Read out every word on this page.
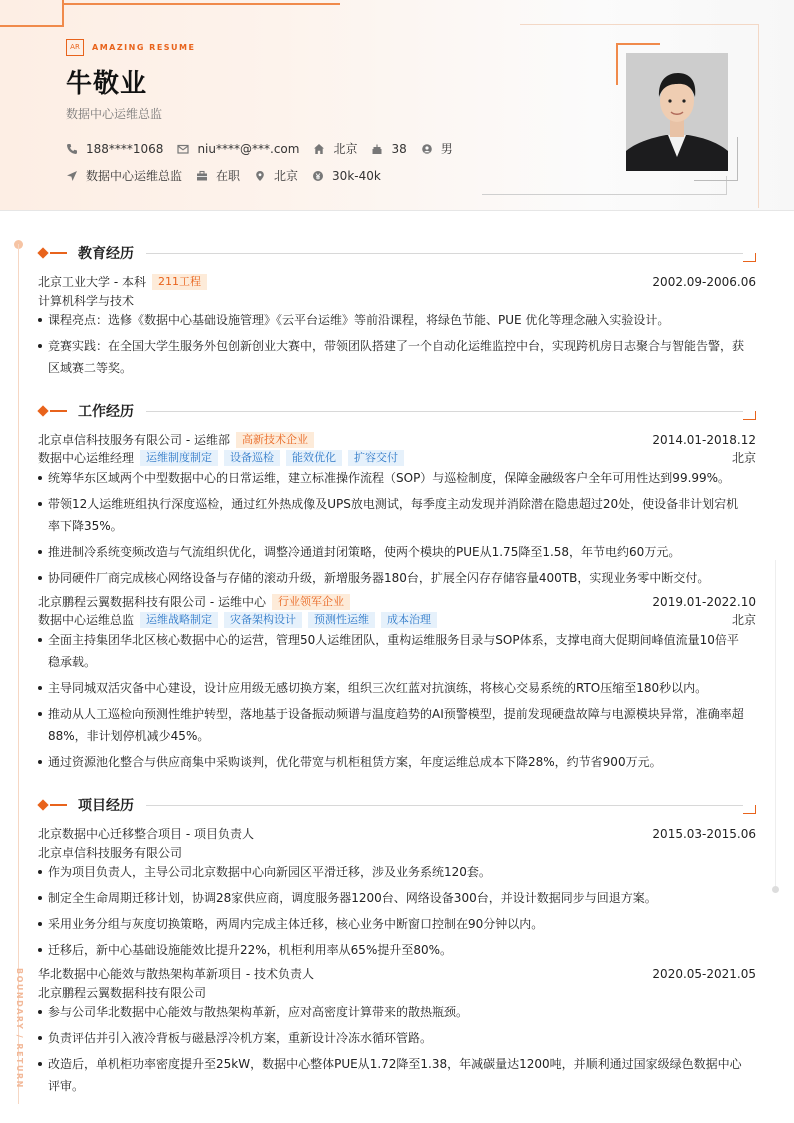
AR	AMAZING RESUME
牛敬业
数据中心运维总监
188****1068	niu****@***.com	北京	38	男
数据中心运维总监	在职	北京	30k-40k
BOUNDARY / RETURN
教育经历
北京工业大学 - 本科	211工程	2002.09-2006.06
计算机科学与技术
课程亮点：选修《数据中心基础设施管理》《云平台运维》等前沿课程，将绿色节能、PUE 优化等理念融入实验设计。
竞赛实践：在全国大学生服务外包创新创业大赛中，带领团队搭建了一个自动化运维监控中台，实现跨机房日志聚合与智能告警，获区域赛二等奖。
工作经历
北京卓信科技服务有限公司 - 运维部	高新技术企业	2014.01-2018.12
数据中心运维经理	运维制度制定	设备巡检	能效优化	扩容交付	北京
统筹华东区域两个中型数据中心的日常运维，建立标准操作流程（SOP）与巡检制度，保障金融级客户全年可用性达到99.99%。
带领12人运维班组执行深度巡检，通过红外热成像及UPS放电测试，每季度主动发现并消除潜在隐患超过20处，使设备非计划宕机率下降35%。
推进制冷系统变频改造与气流组织优化，调整冷通道封闭策略，使两个模块的PUE从1.75降至1.58，年节电约60万元。
协同硬件厂商完成核心网络设备与存储的滚动升级，新增服务器180台，扩展全闪存存储容量400TB，实现业务零中断交付。
北京鹏程云翼数据科技有限公司 - 运维中心	行业领军企业	2019.01-2022.10
数据中心运维总监	运维战略制定	灾备架构设计	预测性运维	成本治理	北京
全面主持集团华北区核心数据中心的运营，管理50人运维团队，重构运维服务目录与SOP体系，支撑电商大促期间峰值流量10倍平稳承载。
主导同城双活灾备中心建设，设计应用级无感切换方案，组织三次红蓝对抗演练，将核心交易系统的RTO压缩至180秒以内。
推动从人工巡检向预测性维护转型，落地基于设备振动频谱与温度趋势的AI预警模型，提前发现硬盘故障与电源模块异常，准确率超88%，非计划停机减少45%。
通过资源池化整合与供应商集中采购谈判，优化带宽与机柜租赁方案，年度运维总成本下降28%，约节省900万元。
项目经历
北京数据中心迁移整合项目 - 项目负责人	2015.03-2015.06
北京卓信科技服务有限公司
作为项目负责人，主导公司北京数据中心向新园区平滑迁移，涉及业务系统120套。
制定全生命周期迁移计划，协调28家供应商，调度服务器1200台、网络设备300台，并设计数据同步与回退方案。
采用业务分组与灰度切换策略，两周内完成主体迁移，核心业务中断窗口控制在90分钟以内。
迁移后，新中心基础设施能效比提升22%，机柜利用率从65%提升至80%。
华北数据中心能效与散热架构革新项目 - 技术负责人	2020.05-2021.05
北京鹏程云翼数据科技有限公司
参与公司华北数据中心能效与散热架构革新，应对高密度计算带来的散热瓶颈。
负责评估并引入液冷背板与磁悬浮冷机方案，重新设计冷冻水循环管路。
改造后，单机柜功率密度提升至25kW，数据中心整体PUE从1.72降至1.38，年减碳量达1200吨，并顺利通过国家级绿色数据中心评审。
